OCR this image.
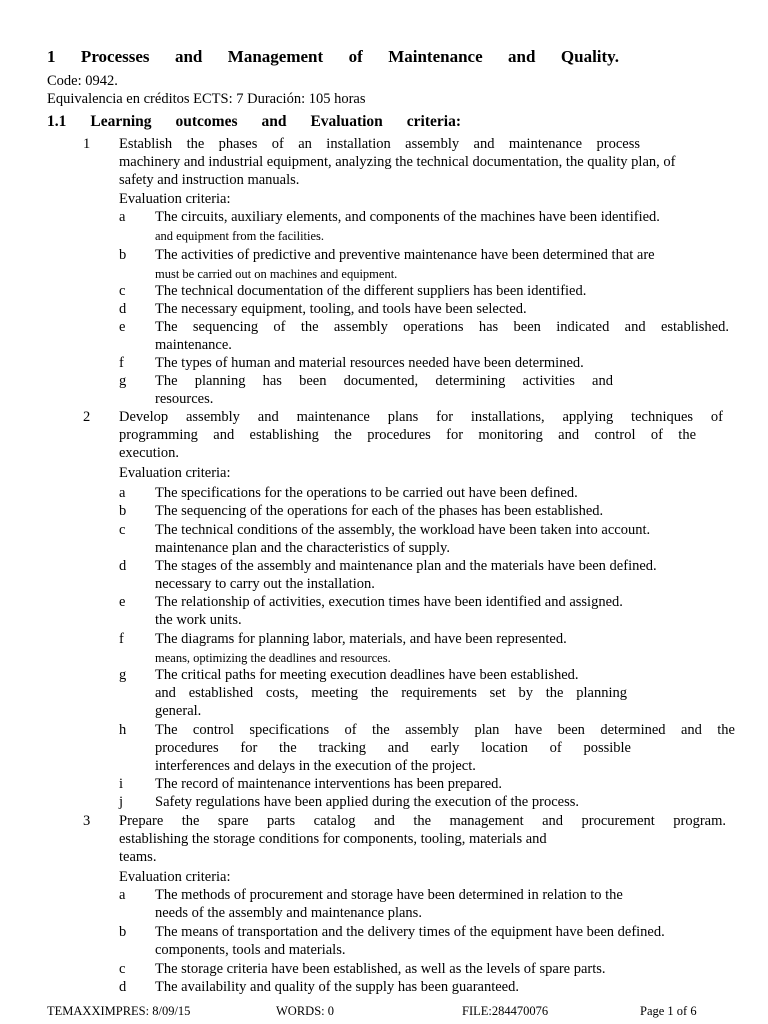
1 Processes and Management of Maintenance and Quality.
Code: 0942.
Equivalencia en créditos ECTS: 7 Duración: 105 horas
1.1 Learning outcomes and Evaluation criteria:
1 Establish the phases of an installation assembly and maintenance process
machinery and industrial equipment, analyzing the technical documentation, the quality plan, of
safety and instruction manuals.
Evaluation criteria:
a The circuits, auxiliary elements, and components of the machines have been identified.
and equipment from the facilities.
b The activities of predictive and preventive maintenance have been determined that are
must be carried out on machines and equipment.
c The technical documentation of the different suppliers has been identified.
d The necessary equipment, tooling, and tools have been selected.
e The sequencing of the assembly operations has been indicated and established.
maintenance.
f The types of human and material resources needed have been determined.
g The planning has been documented, determining activities and
resources.
2 Develop assembly and maintenance plans for installations, applying techniques of
programming and establishing the procedures for monitoring and control of the
execution.
Evaluation criteria:
a The specifications for the operations to be carried out have been defined.
b The sequencing of the operations for each of the phases has been established.
c The technical conditions of the assembly, the workload have been taken into account.
maintenance plan and the characteristics of supply.
d The stages of the assembly and maintenance plan and the materials have been defined.
necessary to carry out the installation.
e The relationship of activities, execution times have been identified and assigned.
the work units.
f The diagrams for planning labor, materials, and have been represented.
means, optimizing the deadlines and resources.
g The critical paths for meeting execution deadlines have been established.
and established costs, meeting the requirements set by the planning
general.
h The control specifications of the assembly plan have been determined and the
procedures for the tracking and early location of possible
interferences and delays in the execution of the project.
i The record of maintenance interventions has been prepared.
j Safety regulations have been applied during the execution of the process.
3 Prepare the spare parts catalog and the management and procurement program.
establishing the storage conditions for components, tooling, materials and
teams.
Evaluation criteria:
a The methods of procurement and storage have been determined in relation to the
needs of the assembly and maintenance plans.
b The means of transportation and the delivery times of the equipment have been defined.
components, tools and materials.
c The storage criteria have been established, as well as the levels of spare parts.
d The availability and quality of the supply has been guaranteed.
TEMAXXIMPRES: 8/09/15	WORDS: 0	FILE:284470076	Page 1 of 6
